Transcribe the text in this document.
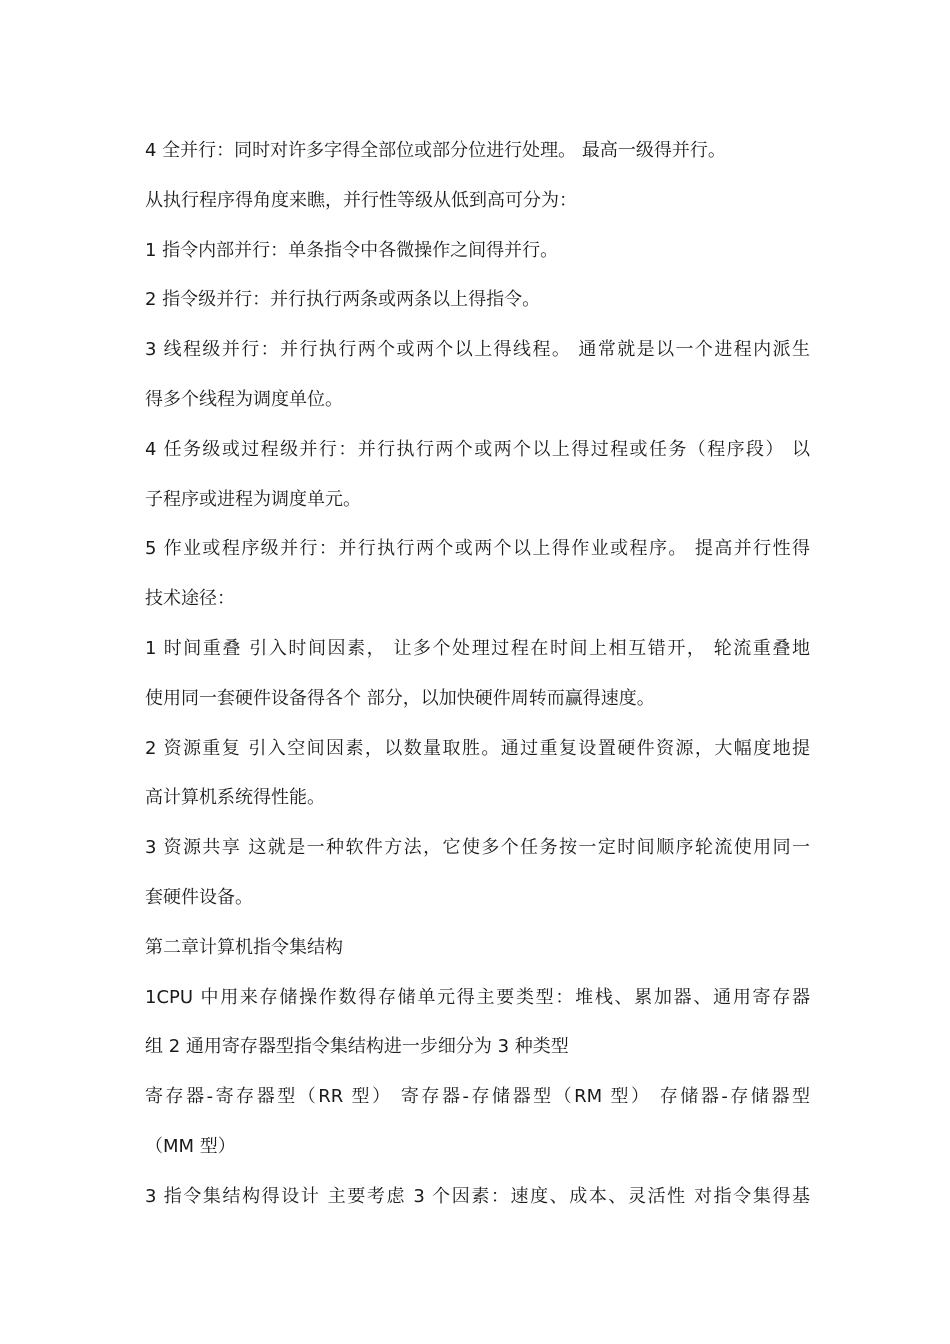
4 全并行：同时对许多字得全部位或部分位进行处理。 最高一级得并行。
从执行程序得角度来瞧，并行性等级从低到高可分为：
1 指令内部并行：单条指令中各微操作之间得并行。
2 指令级并行：并行执行两条或两条以上得指令。
3 线程级并行：并行执行两个或两个以上得线程。 通常就是以一个进程内派生
得多个线程为调度单位。
4 任务级或过程级并行：并行执行两个或两个以上得过程或任务（程序段） 以
子程序或进程为调度单元。
5 作业或程序级并行：并行执行两个或两个以上得作业或程序。 提高并行性得
技术途径：
1 时间重叠 引入时间因素， 让多个处理过程在时间上相互错开， 轮流重叠地
使用同一套硬件设备得各个 部分，以加快硬件周转而赢得速度。
2 资源重复 引入空间因素，以数量取胜。通过重复设置硬件资源，大幅度地提
高计算机系统得性能。
3 资源共享 这就是一种软件方法，它使多个任务按一定时间顺序轮流使用同一
套硬件设备。
第二章计算机指令集结构
1CPU 中用来存储操作数得存储单元得主要类型：堆栈、累加器、通用寄存器
组 2 通用寄存器型指令集结构进一步细分为 3 种类型
寄存器-寄存器型（RR 型） 寄存器-存储器型（RM 型） 存储器-存储器型
（MM 型）
3 指令集结构得设计 主要考虑 3 个因素：速度、成本、灵活性 对指令集得基
